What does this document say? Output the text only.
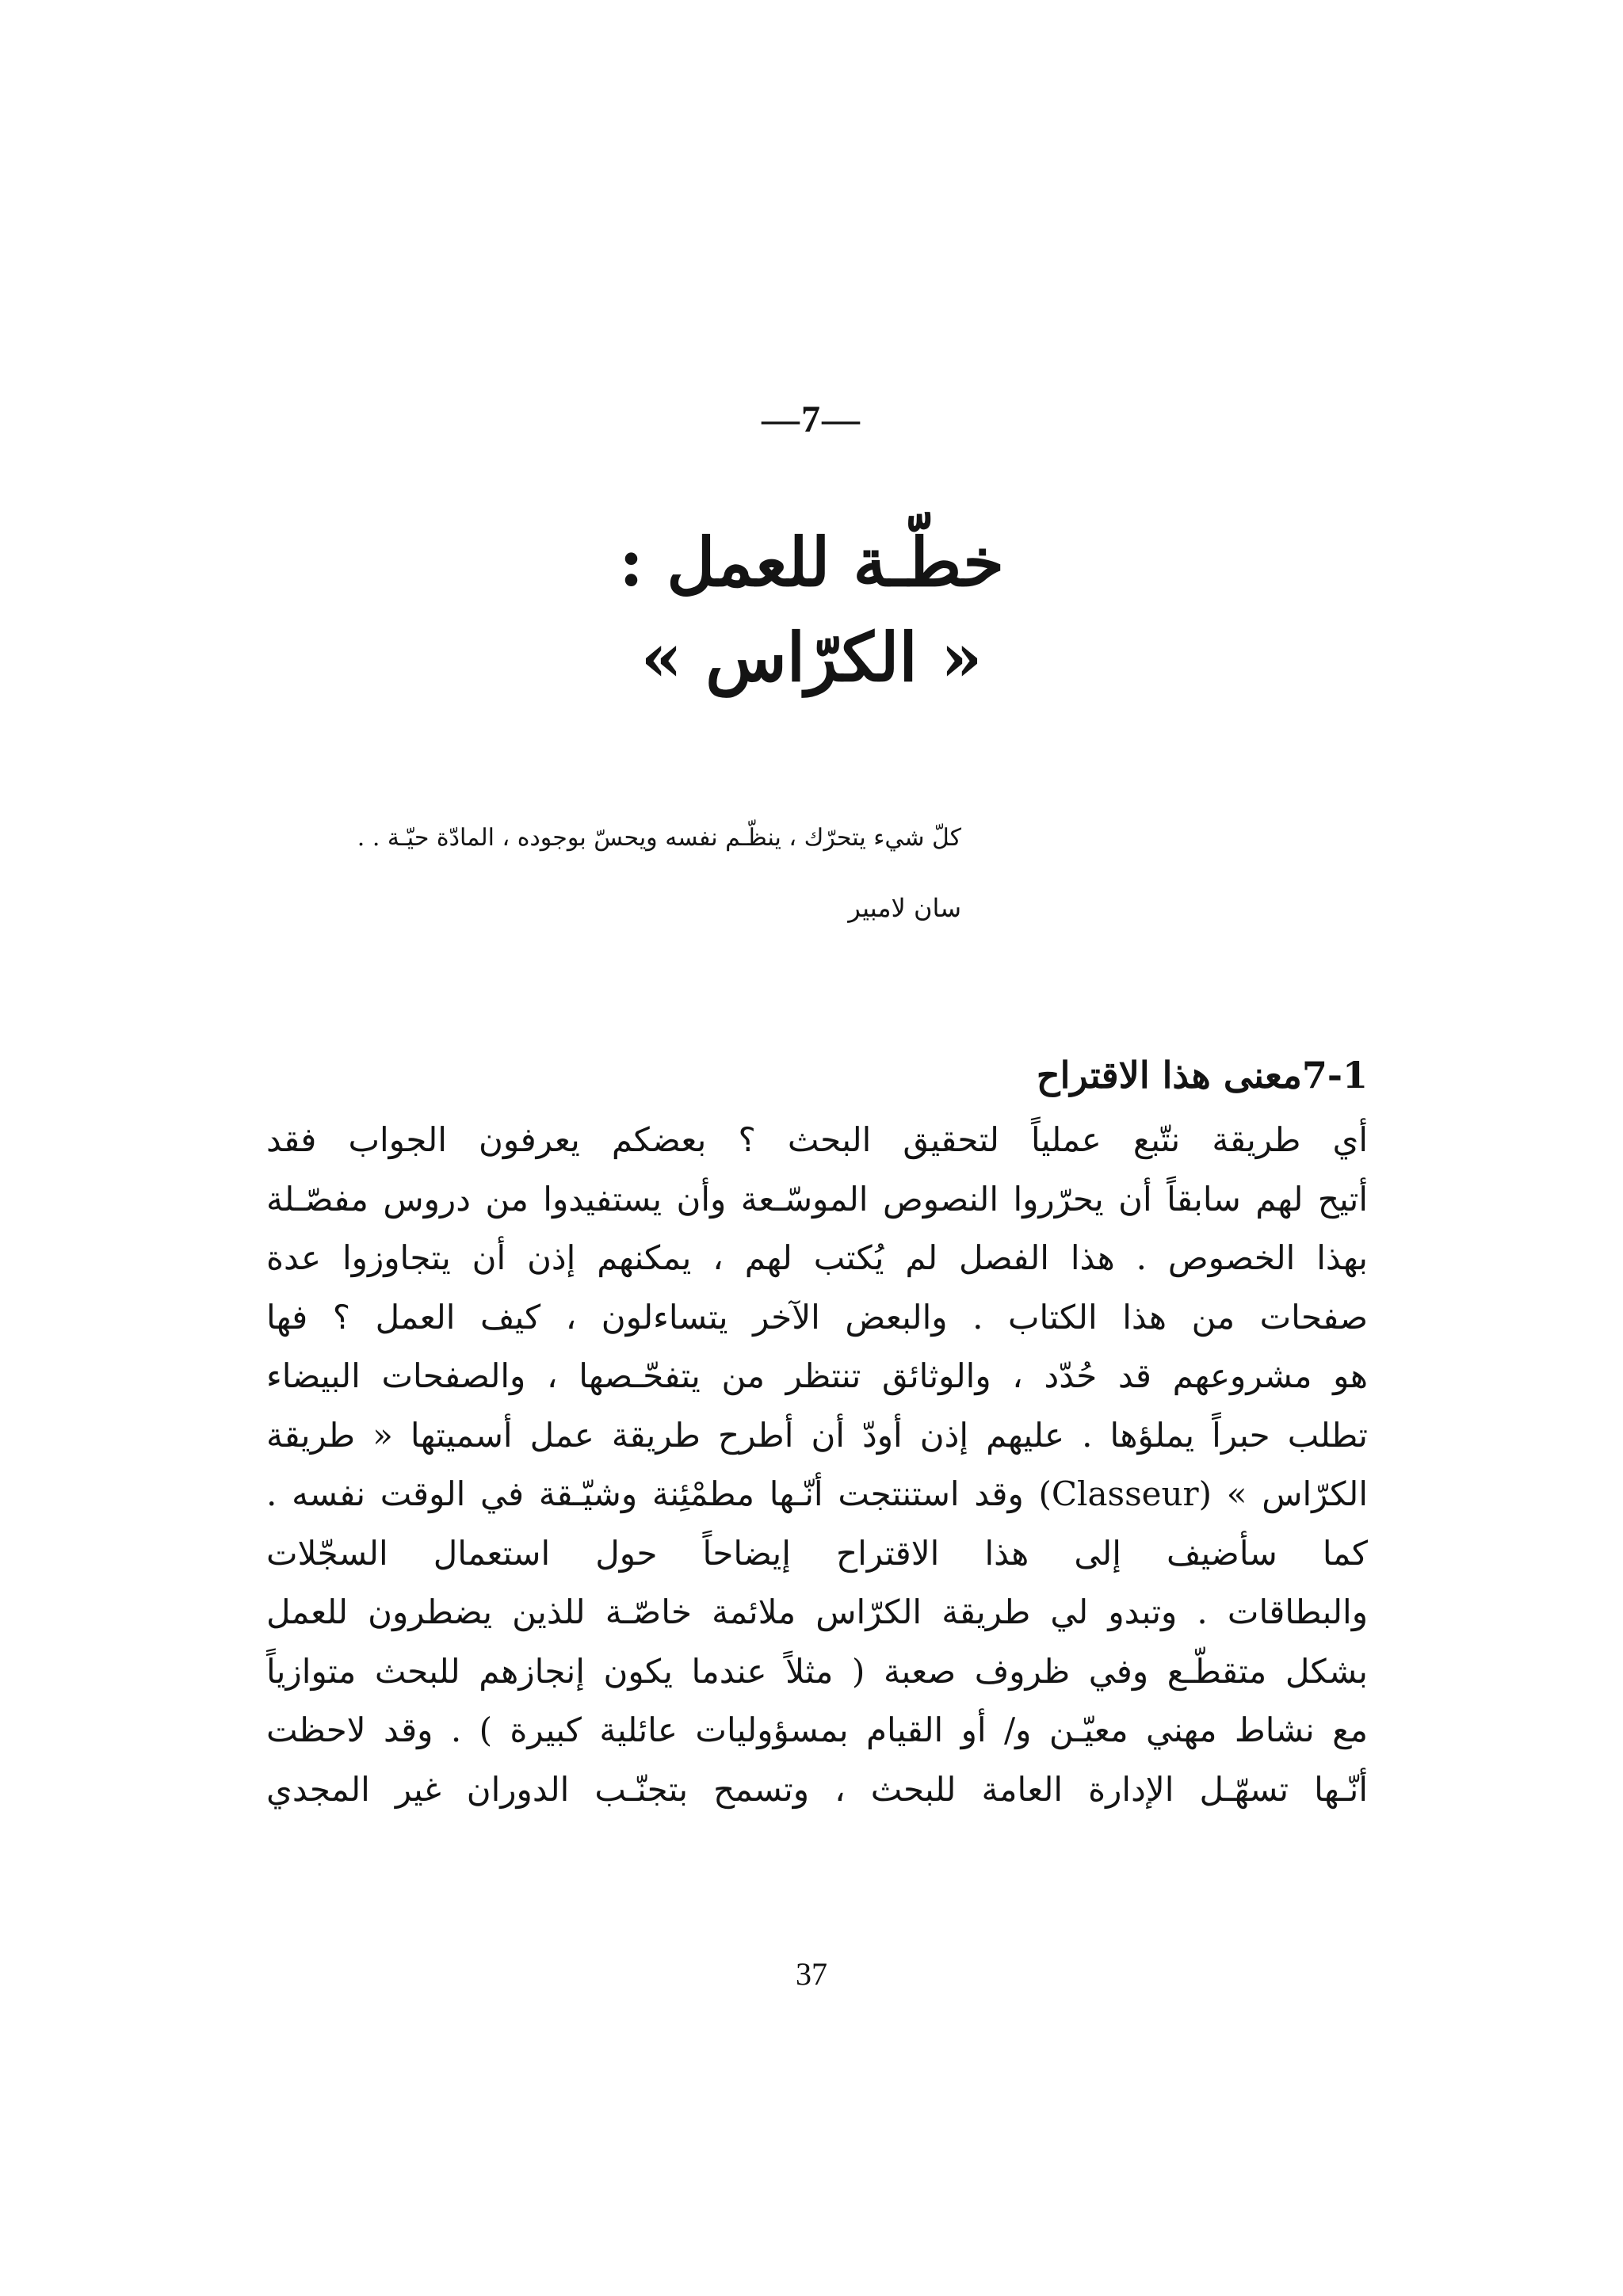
—7—
خطّـة للعمل :
« الكرّاس »
كلّ شيء يتحرّك ، ينظّـم نفسه ويحسّ بوجوده ، المادّة حيّـة . .
سان لامبير
7-1معنى هذا الاقتراح
أي طريقة نتّبع عملياً لتحقيق البحث ؟ بعضكم يعرفون الجواب فقد
أتيح لهم سابقاً أن يحرّروا النصوص الموسّـعة وأن يستفيدوا من دروس مفصّـلة
بهذا الخصوص . هذا الفصل لم يُكتب لهم ، يمكنهم إذن أن يتجاوزوا عدة
صفحات من هذا الكتاب . والبعض الآخر يتساءلون ، كيف العمل ؟ فها
هو مشروعهم قد حُدّد ، والوثائق تنتظر من يتفحّـصها ، والصفحات البيضاء
تطلب حبراً يملؤها . عليهم إذن أودّ أن أطرح طريقة عمل أسميتها « طريقة
الكرّاس » (Classeur) وقد استنتجت أنّـها مطمْئِنة وشيّـقة في الوقت نفسه .
كما سأضيف إلى هذا الاقتراح إيضاحاً حول استعمال السجّلات
والبطاقات . وتبدو لي طريقة الكرّاس ملائمة خاصّـة للذين يضطرون للعمل
بشكل متقطّـع وفي ظروف صعبة ( مثلاً عندما يكون إنجازهم للبحث متوازياً
مع نشاط مهني معيّـن و/ أو القيام بمسؤوليات عائلية كبيرة ) . وقد لاحظت
أنّـها تسهّـل الإدارة العامة للبحث ، وتسمح بتجنّـب الدوران غير المجدي
37
